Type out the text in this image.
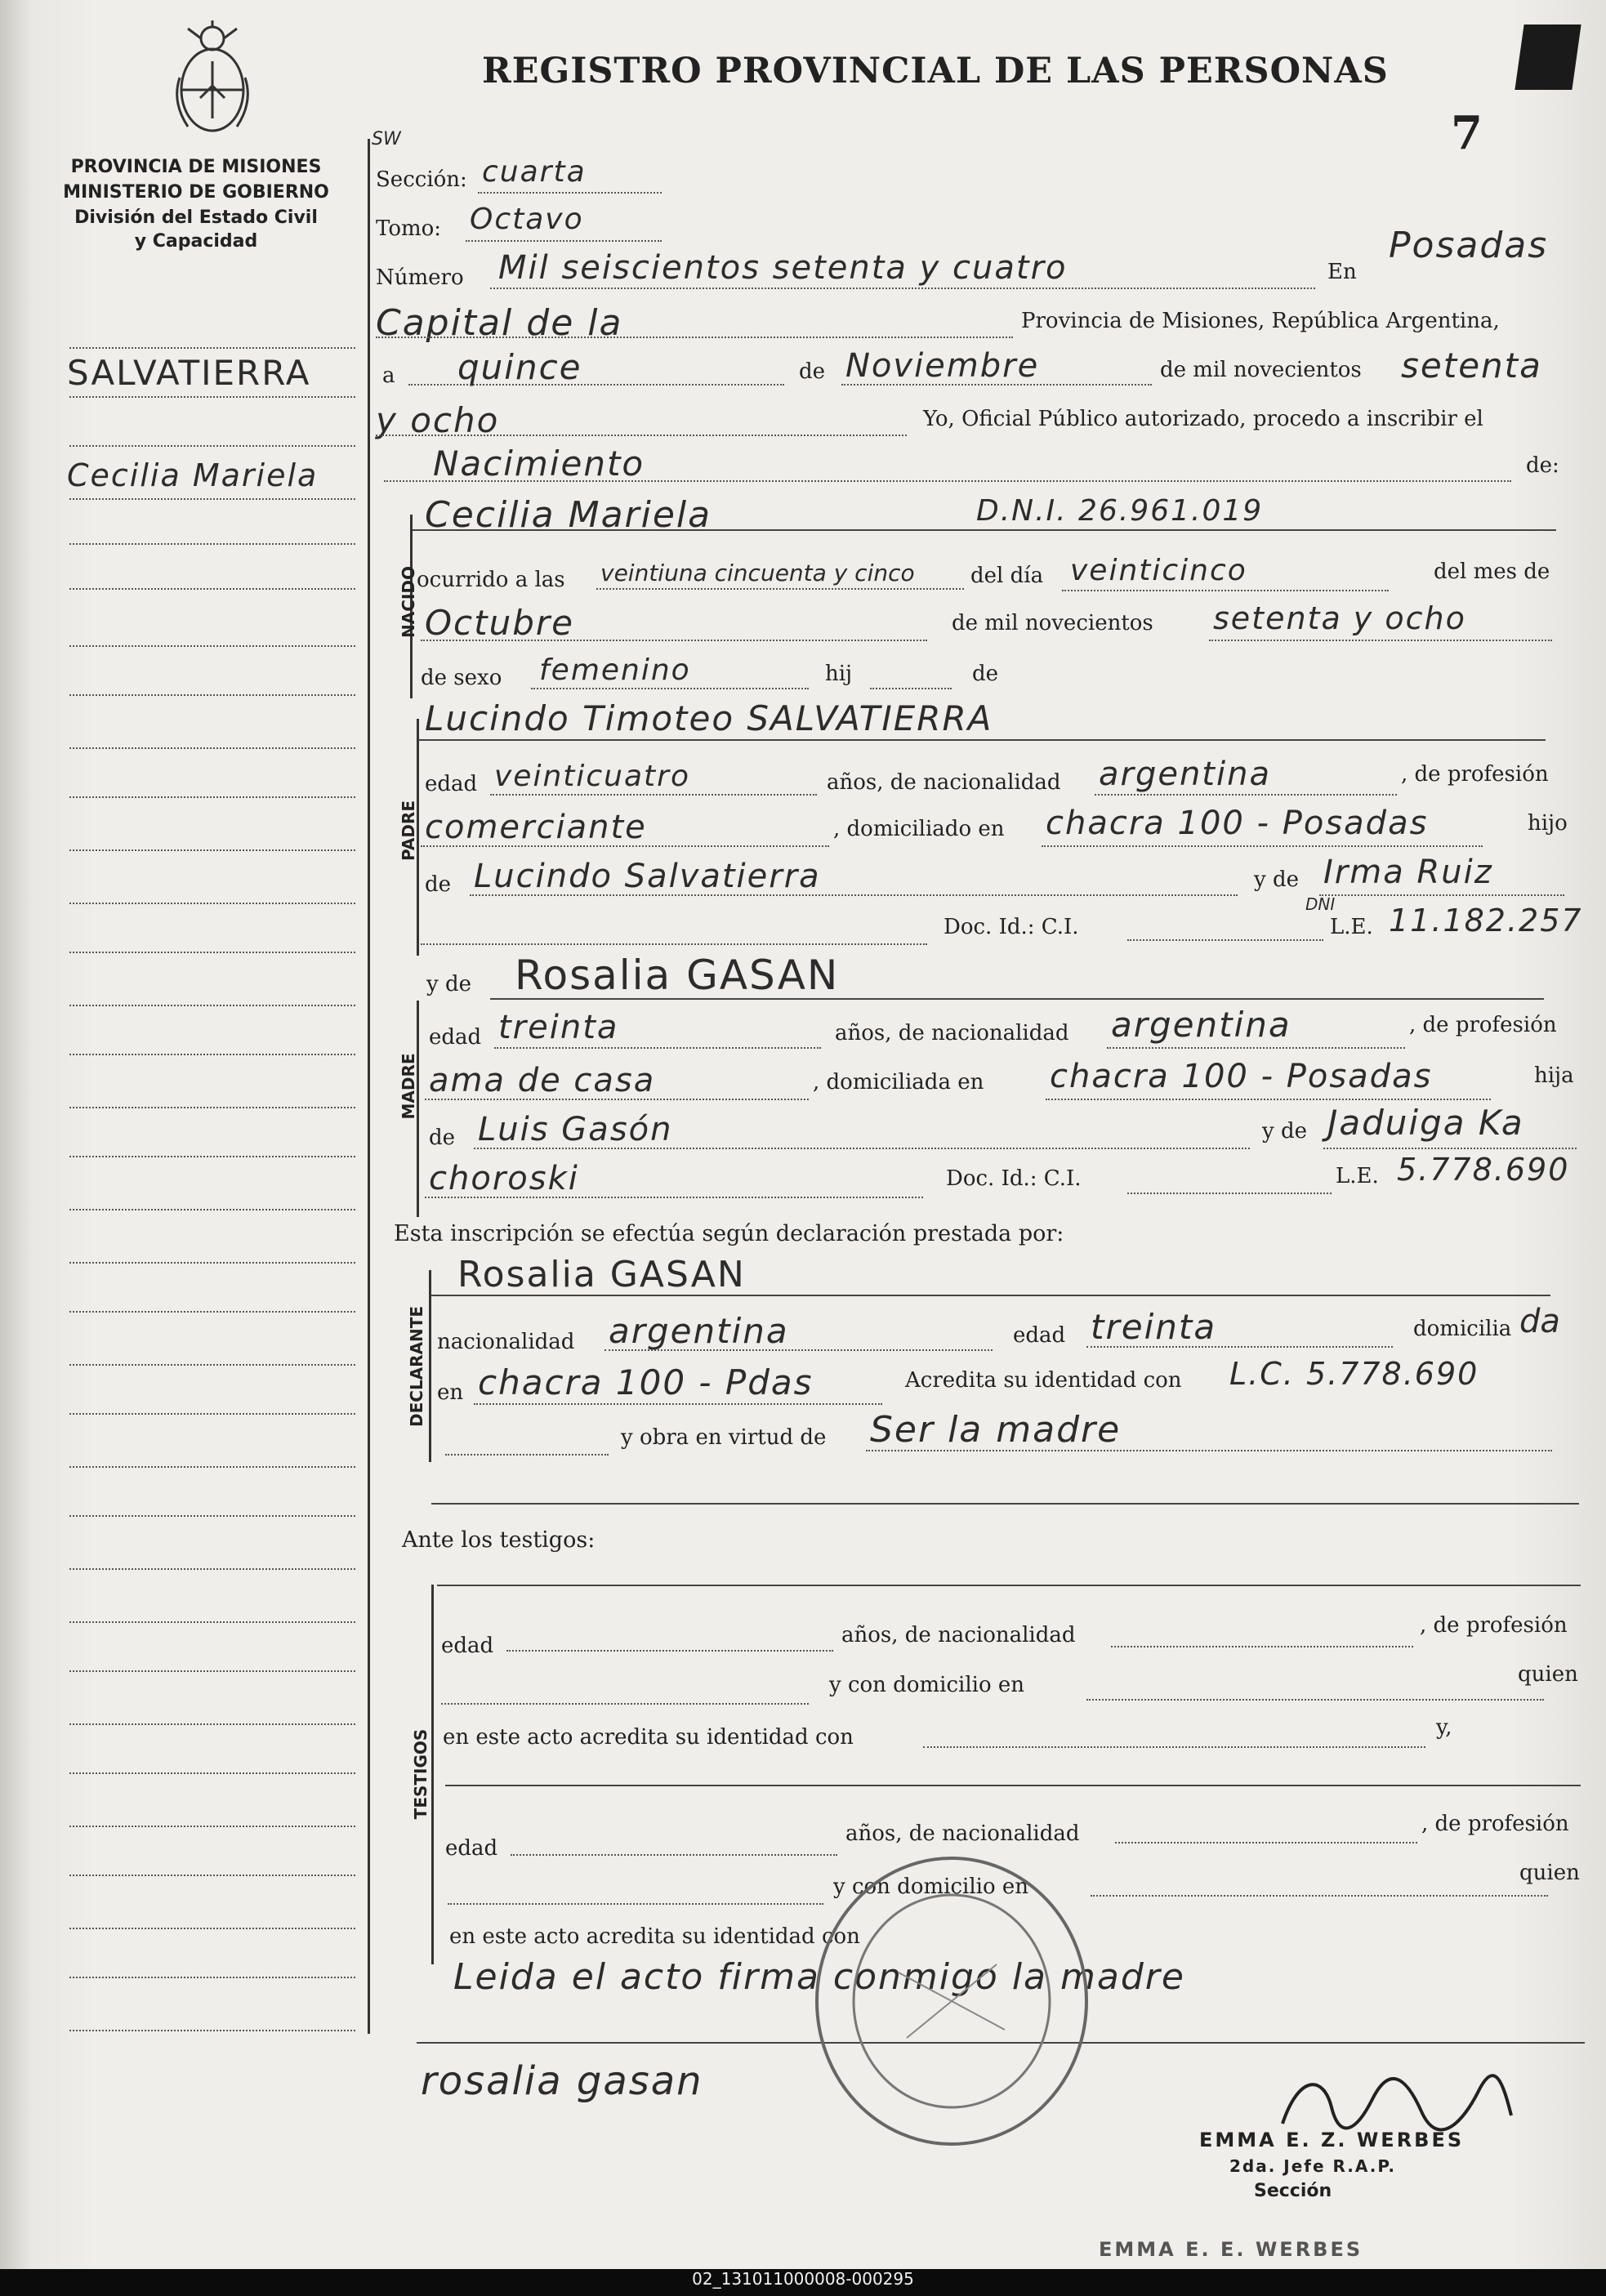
PROVINCIA DE MISIONES
MINISTERIO DE GOBIERNO
División del Estado Civil
y Capacidad
REGISTRO PROVINCIAL DE LAS PERSONAS
7
SALVATIERRA
Cecilia Mariela
SW
Sección: cuarta
Tomo: Octavo
Número Mil seiscientos setenta y cuatro	En
Posadas
Capital de la	Provincia de Misiones, República Argentina,
a quince	de Noviembre	de mil novecientos setenta
y ocho	Yo, Oficial Público autorizado, procedo a inscribir el
Nacimiento	de:
NACIDO
Cecilia Mariela	D.N.I. 26.961.019
ocurrido a las veintiuna cincuenta y cinco	del día veinticinco	del mes de
Octubre	de mil novecientos setenta y ocho
de sexo femenino	hij	de
PADRE
Lucindo Timoteo SALVATIERRA
edad veinticuatro	años, de nacionalidad argentina	, de profesión
comerciante	, domiciliado en chacra 100 - Posadas	hijo
de Lucindo Salvatierra	y de Irma Ruiz
Doc. Id.: C.I.
DNI
L.E. 11.182.257
MADRE
y de Rosalia GASAN
edad treinta	años, de nacionalidad argentina	, de profesión
ama de casa	, domiciliada en chacra 100 - Posadas	hija
de Luis Gasón	y de Jaduiga Ka
choroski	Doc. Id.: C.I.	L.E. 5.778.690
Esta inscripción se efectúa según declaración prestada por:
DECLARANTE
Rosalia GASAN
nacionalidad argentina	edad treinta	domicilia da
en chacra 100 - Pdas	Acredita su identidad con L.C. 5.778.690
y obra en virtud de Ser la madre
Ante los testigos:
TESTIGOS
edad	años, de nacionalidad	, de profesión
y con domicilio en	quien
en este acto acredita su identidad con	y,
edad
años, de nacionalidad	, de profesión
y con domicilio en
quien
en este acto acredita su identidad con
Leida el acto firma conmigo la madre
rosalia gasan
EMMA E. Z. WERBES
2da. Jefe R.A.P.
Sección
EMMA E. E. WERBES
02_131011000008-000295
